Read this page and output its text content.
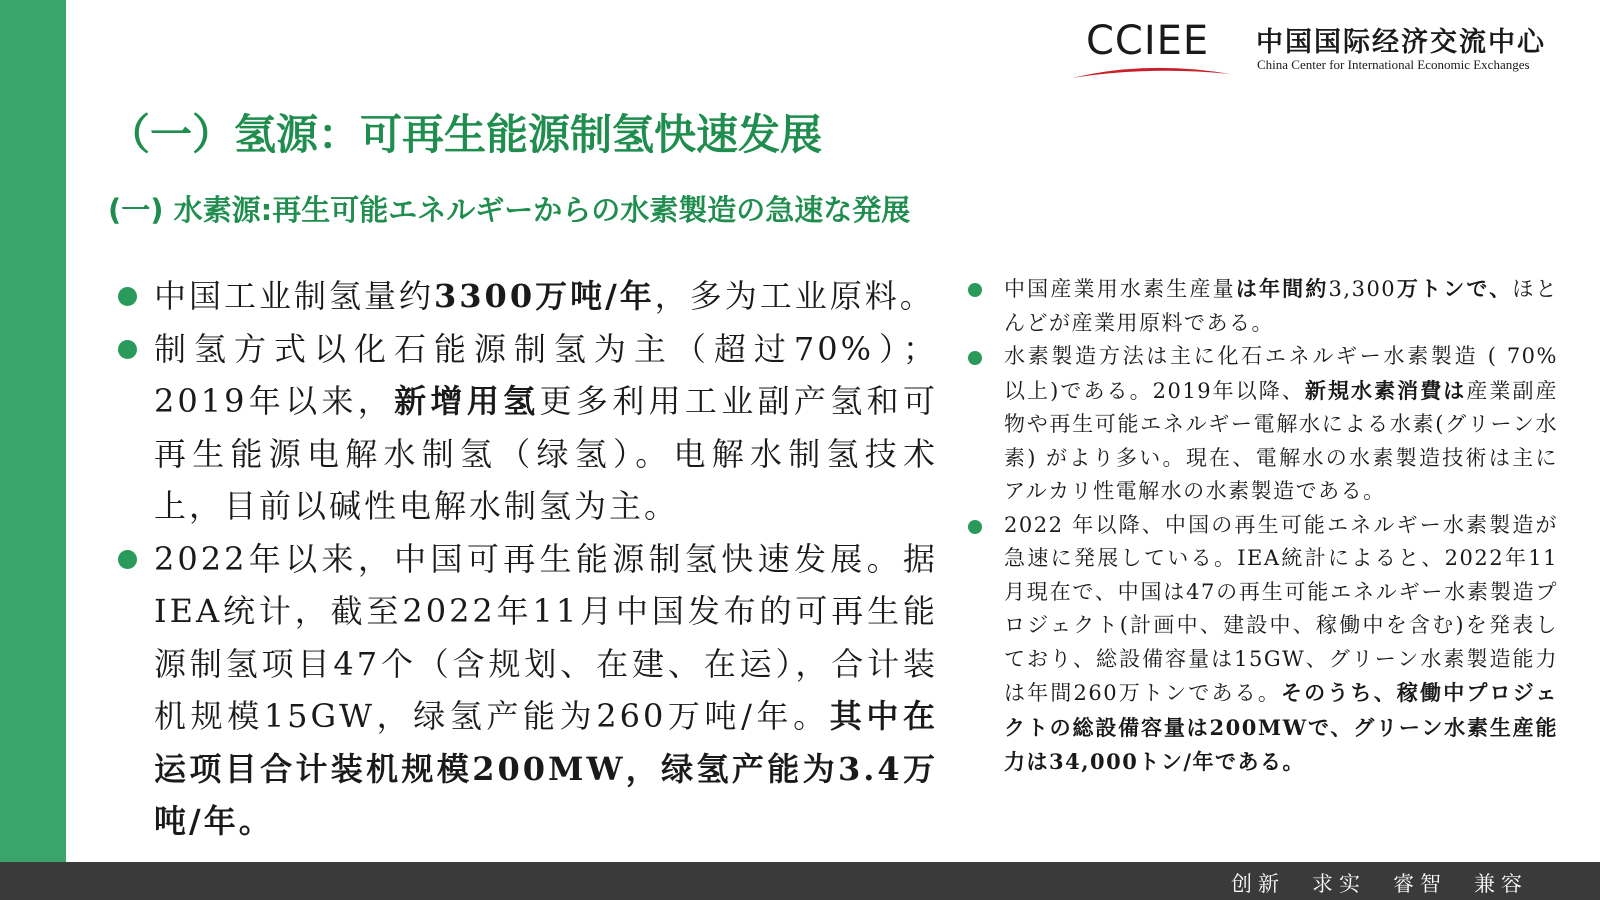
CCIEE 中国国际经济交流中心
China Center for International Economic Exchanges
（一）氢源：可再生能源制氢快速发展
(一) 水素源:再生可能エネルギーからの水素製造の急速な発展
中国工业制氢量约3300万吨/年，多为工业原料。
制氢方式以化石能源制氢为主（超过70%）；2019年以来，新增用氢更多利用工业副产氢和可再生能源电解水制氢（绿氢）。电解水制氢技术上，目前以碱性电解水制氢为主。
2022年以来，中国可再生能源制氢快速发展。据IEA统计，截至2022年11月中国发布的可再生能源制氢项目47个（含规划、在建、在运），合计装机规模15GW，绿氢产能为260万吨/年。其中在运项目合计装机规模200MW，绿氢产能为3.4万吨/年。
中国産業用水素生産量は年間約3,300万トンで、ほとんどが産業用原料である。
水素製造方法は主に化石エネルギー水素製造 ( 70% 以上)である。2019年以降、新規水素消費は産業副産物や再生可能エネルギー電解水による水素(グリーン水素) がより多い。現在、電解水の水素製造技術は主にアルカリ性電解水の水素製造である。
2022 年以降、中国の再生可能エネルギー水素製造が急速に発展している。IEA統計によると、2022年11 月現在で、中国は47の再生可能エネルギー水素製造プロジェクト(計画中、建設中、稼働中を含む)を発表しており、総設備容量は15GW、グリーン水素製造能力は年間260万トンである。そのうち、稼働中プロジェクトの総設備容量は200MWで、グリーン水素生産能力は34,000トン/年である。
创新　求实　睿智　兼容
